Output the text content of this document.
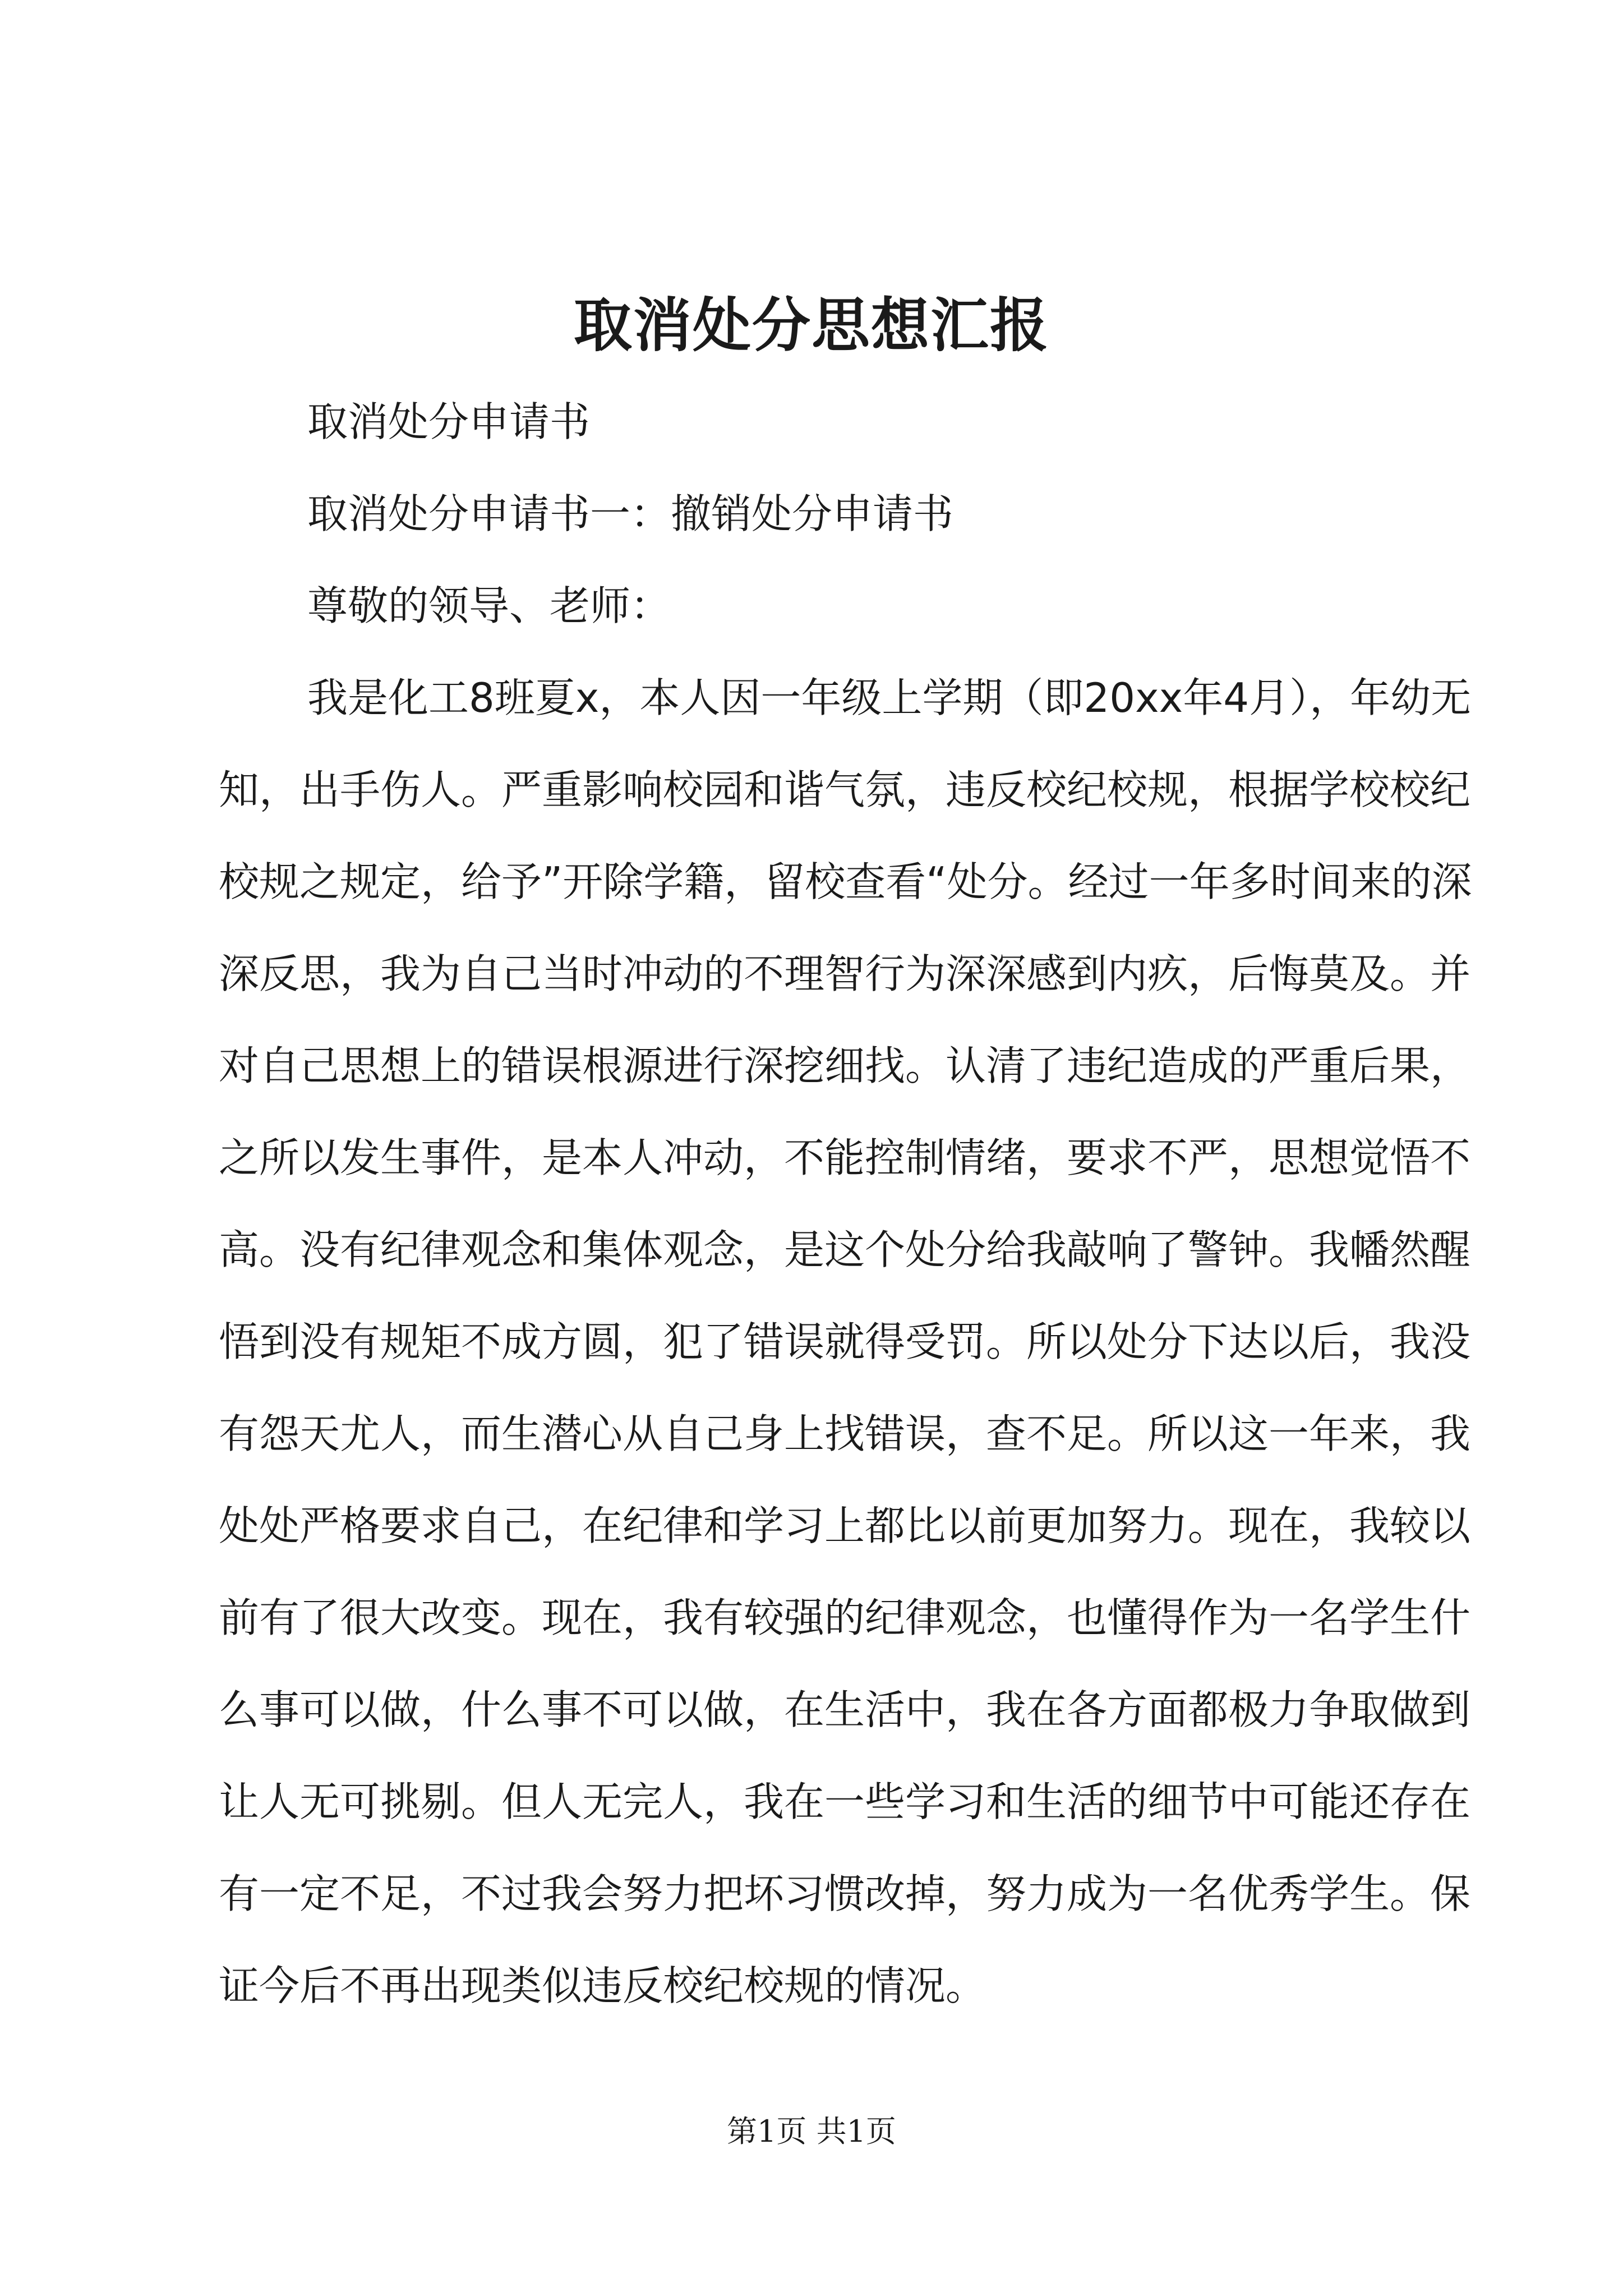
取消处分思想汇报

取消处分申请书

取消处分申请书一：撤销处分申请书

尊敬的领导、老师：

我是化工8班夏x，本人因一年级上学期（即20xx年4月），年幼无知，出手伤人。严重影响校园和谐气氛，违反校纪校规，根据学校校纪校规之规定，给予”开除学籍，留校查看“处分。经过一年多时间来的深深反思，我为自己当时冲动的不理智行为深深感到内疚，后悔莫及。并对自己思想上的错误根源进行深挖细找。认清了违纪造成的严重后果，之所以发生事件，是本人冲动，不能控制情绪，要求不严，思想觉悟不高。没有纪律观念和集体观念，是这个处分给我敲响了警钟。我幡然醒悟到没有规矩不成方圆，犯了错误就得受罚。所以处分下达以后，我没有怨天尤人，而生潜心从自己身上找错误，查不足。所以这一年来，我处处严格要求自己，在纪律和学习上都比以前更加努力。现在，我较以前有了很大改变。现在，我有较强的纪律观念，也懂得作为一名学生什么事可以做，什么事不可以做，在生活中，我在各方面都极力争取做到让人无可挑剔。但人无完人，我在一些学习和生活的细节中可能还存在有一定不足，不过我会努力把坏习惯改掉，努力成为一名优秀学生。保证今后不再出现类似违反校纪校规的情况。

第1页 共1页
